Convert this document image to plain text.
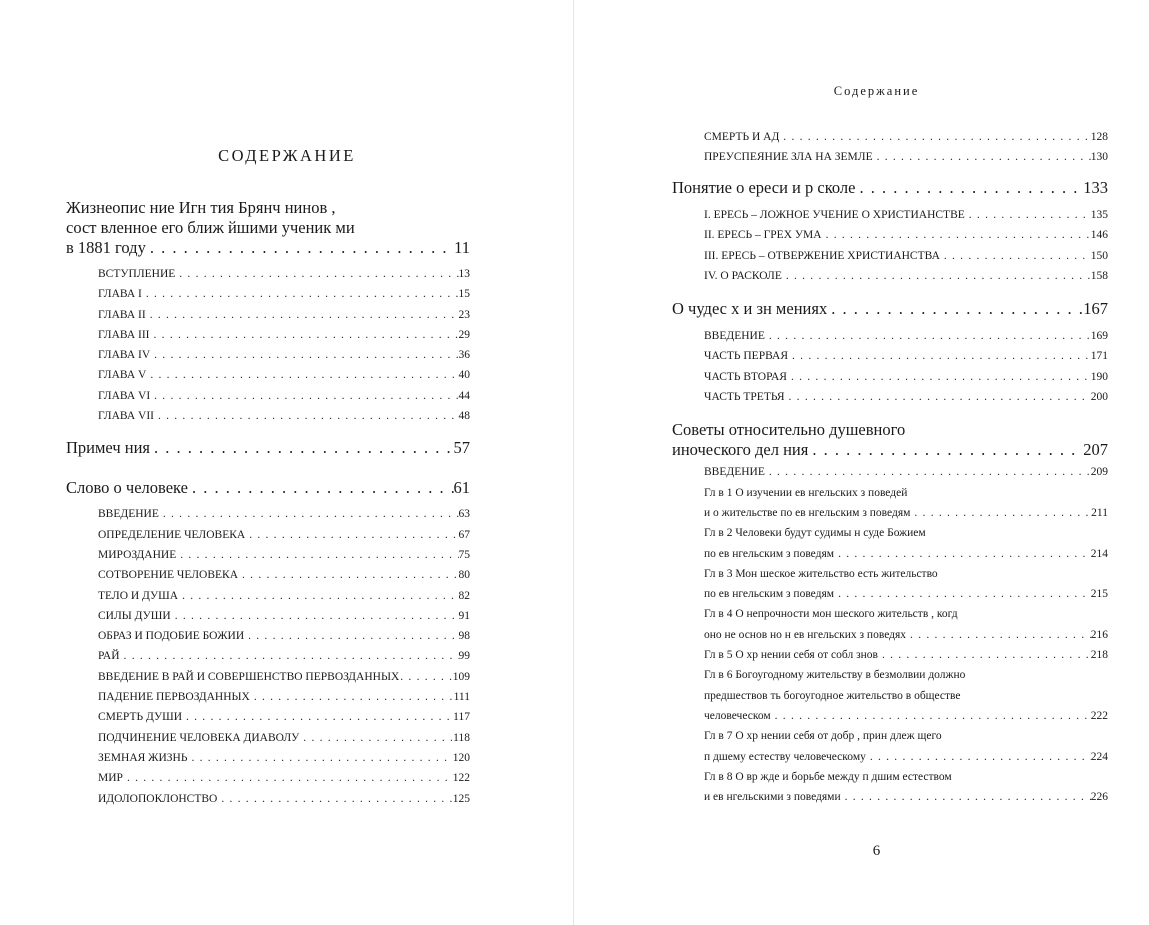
СОДЕРЖАНИЕ
Жизнеопис ние Игн тия Брянч нинов ,
сост вленное его ближ йшими ученик ми
в 1881 году . . .	11
ВСТУПЛЕНИЕ . . .	13
ГЛАВА I . . .	15
ГЛАВА II . . .	23
ГЛАВА III . . .	29
ГЛАВА IV . . .	36
ГЛАВА V . . .	40
ГЛАВА VI . . .	44
ГЛАВА VII . . .	48
Примеч ния . . .	57
Слово о человеке . . .	61
ВВЕДЕНИЕ . . .	63
ОПРЕДЕЛЕНИЕ ЧЕЛОВЕКА . . .	67
МИРОЗДАНИЕ . . .	75
СОТВОРЕНИЕ ЧЕЛОВЕКА . . .	80
ТЕЛО И ДУША . . .	82
СИЛЫ ДУШИ . . .	91
ОБРАЗ И ПОДОБИЕ БОЖИИ . . .	98
РАЙ . . .	99
ВВЕДЕНИЕ В РАЙ И СОВЕРШЕНСТВО ПЕРВОЗДАННЫХ . . .	109
ПАДЕНИЕ ПЕРВОЗДАННЫХ . . .	111
СМЕРТЬ ДУШИ . . .	117
ПОДЧИНЕНИЕ ЧЕЛОВЕКА ДИАВОЛУ . . .	118
ЗЕМНАЯ ЖИЗНЬ . . .	120
МИР . . .	122
ИДОЛОПОКЛОНСТВО . . .	125
Содержание
СМЕРТЬ И АД . . .	128
ПРЕУСПЕЯНИЕ ЗЛА НА ЗЕМЛЕ . . .	130
Понятие о ереси и р сколе . . .	133
I. ЕРЕСЬ – ЛОЖНОЕ УЧЕНИЕ О ХРИСТИАНСТВЕ . . .	135
II. ЕРЕСЬ – ГРЕХ УМА . . .	146
III. ЕРЕСЬ – ОТВЕРЖЕНИЕ ХРИСТИАНСТВА . . .	150
IV. О РАСКОЛЕ . . .	158
О чудес х и зн мениях . . .	167
ВВЕДЕНИЕ . . .	169
ЧАСТЬ ПЕРВАЯ . . .	171
ЧАСТЬ ВТОРАЯ . . .	190
ЧАСТЬ ТРЕТЬЯ . . .	200
Советы относительно душевного
иноческого дел ния . . .	207
ВВЕДЕНИЕ . . .	209
Гл в 1 О изучении ев нгельских з поведей
и о жительстве по ев нгельским з поведям . . .	211
Гл в 2 Человеки будут судимы н суде Божием
по ев нгельским з поведям . . .	214
Гл в 3 Мон шеское жительство есть жительство
по ев нгельским з поведям . . .	215
Гл в 4 О непрочности мон шеского жительств , когд
оно не основ но н ев нгельских з поведях . . .	216
Гл в 5 О хр нении себя от собл знов . . .	218
Гл в 6 Богоугодному жительству в безмолвии должно
предшествов ть богоугодное жительство в обществе
человеческом . . .	222
Гл в 7 О хр нении себя от добр , прин длеж щего
п дшему естеству человеческому . . .	224
Гл в 8 О вр жде и борьбе между п дшим естеством
и ев нгельскими з поведями . . .	226
6
